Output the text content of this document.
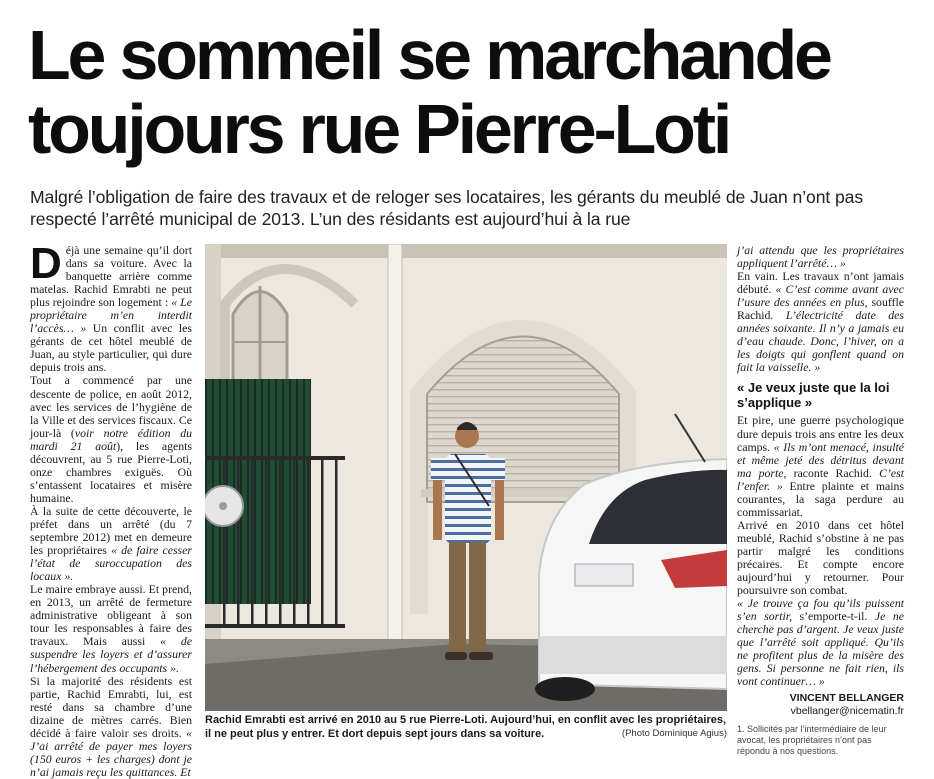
Le sommeil se marchande
toujours rue Pierre-Loti

Malgré l’obligation de faire des travaux et de reloger ses locataires, les gérants du meublé de Juan n’ont pas respecté l’arrêté municipal de 2013. L’un des résidants est aujourd’hui à la rue

Déjà une semaine qu’il dort dans sa voiture. Avec la banquette arrière comme matelas. Rachid Emrabti ne peut plus rejoindre son logement : « Le propriétaire m’en interdit l’accès… » Un conflit avec les gérants de cet hôtel meublé de Juan, au style particulier, qui dure depuis trois ans.

Tout a commencé par une descente de police, en août 2012, avec les services de l’hygiène de la Ville et des services fiscaux. Ce jour-là (voir notre édition du mardi 21 août), les agents découvrent, au 5 rue Pierre-Loti, onze chambres exiguës. Où s’entassent locataires et misère humaine.

À la suite de cette découverte, le préfet dans un arrêté (du 7 septembre 2012) met en demeure les propriétaires « de faire cesser l’état de suroccupation des locaux ».

Le maire embraye aussi. Et prend, en 2013, un arrêté de fermeture administrative obligeant à son tour les responsables à faire des travaux. Mais aussi « de suspendre les loyers et d’assurer l’hébergement des occupants ».

Si la majorité des résidents est partie, Rachid Emrabti, lui, est resté dans sa chambre d’une dizaine de mètres carrés. Bien décidé à faire valoir ses droits. « J’ai arrêté de payer mes loyers (150 euros + les charges) dont je n’ai jamais reçu les quittances. Et

Rachid Emrabti est arrivé en 2010 au 5 rue Pierre-Loti. Aujourd’hui, en conflit avec les propriétaires, il ne peut plus y entrer. Et dort depuis sept jours dans sa voiture.	(Photo Dominique Agius)

j’ai attendu que les propriétaires appliquent l’arrêté… »

En vain. Les travaux n’ont jamais débuté. « C’est comme avant avec l’usure des années en plus, souffle Rachid. L’électricité date des années soixante. Il n’y a jamais eu d’eau chaude. Donc, l’hiver, on a les doigts qui gonflent quand on fait la vaisselle. »

« Je veux juste que la loi s’applique »

Et pire, une guerre psychologique dure depuis trois ans entre les deux camps. « Ils m’ont menacé, insulté et même jeté des détritus devant ma porte, raconte Rachid. C’est l’enfer. » Entre plainte et mains courantes, la saga perdure au commissariat.

Arrivé en 2010 dans cet hôtel meublé, Rachid s’obstine à ne pas partir malgré les conditions précaires. Et compte encore aujourd’hui y retourner. Pour poursuivre son combat.

« Je trouve ça fou qu’ils puissent s’en sortir, s’emporte-t-il. Je ne cherche pas d’argent. Je veux juste que l’arrêté soit appliqué. Qu’ils ne profitent plus de la misère des gens. Si personne ne fait rien, ils vont continuer… »

VINCENT BELLANGER

vbellanger@nicematin.fr

1. Sollicités par l’intermédiaire de leur avocat, les propriétaires n’ont pas répondu à nos questions.
